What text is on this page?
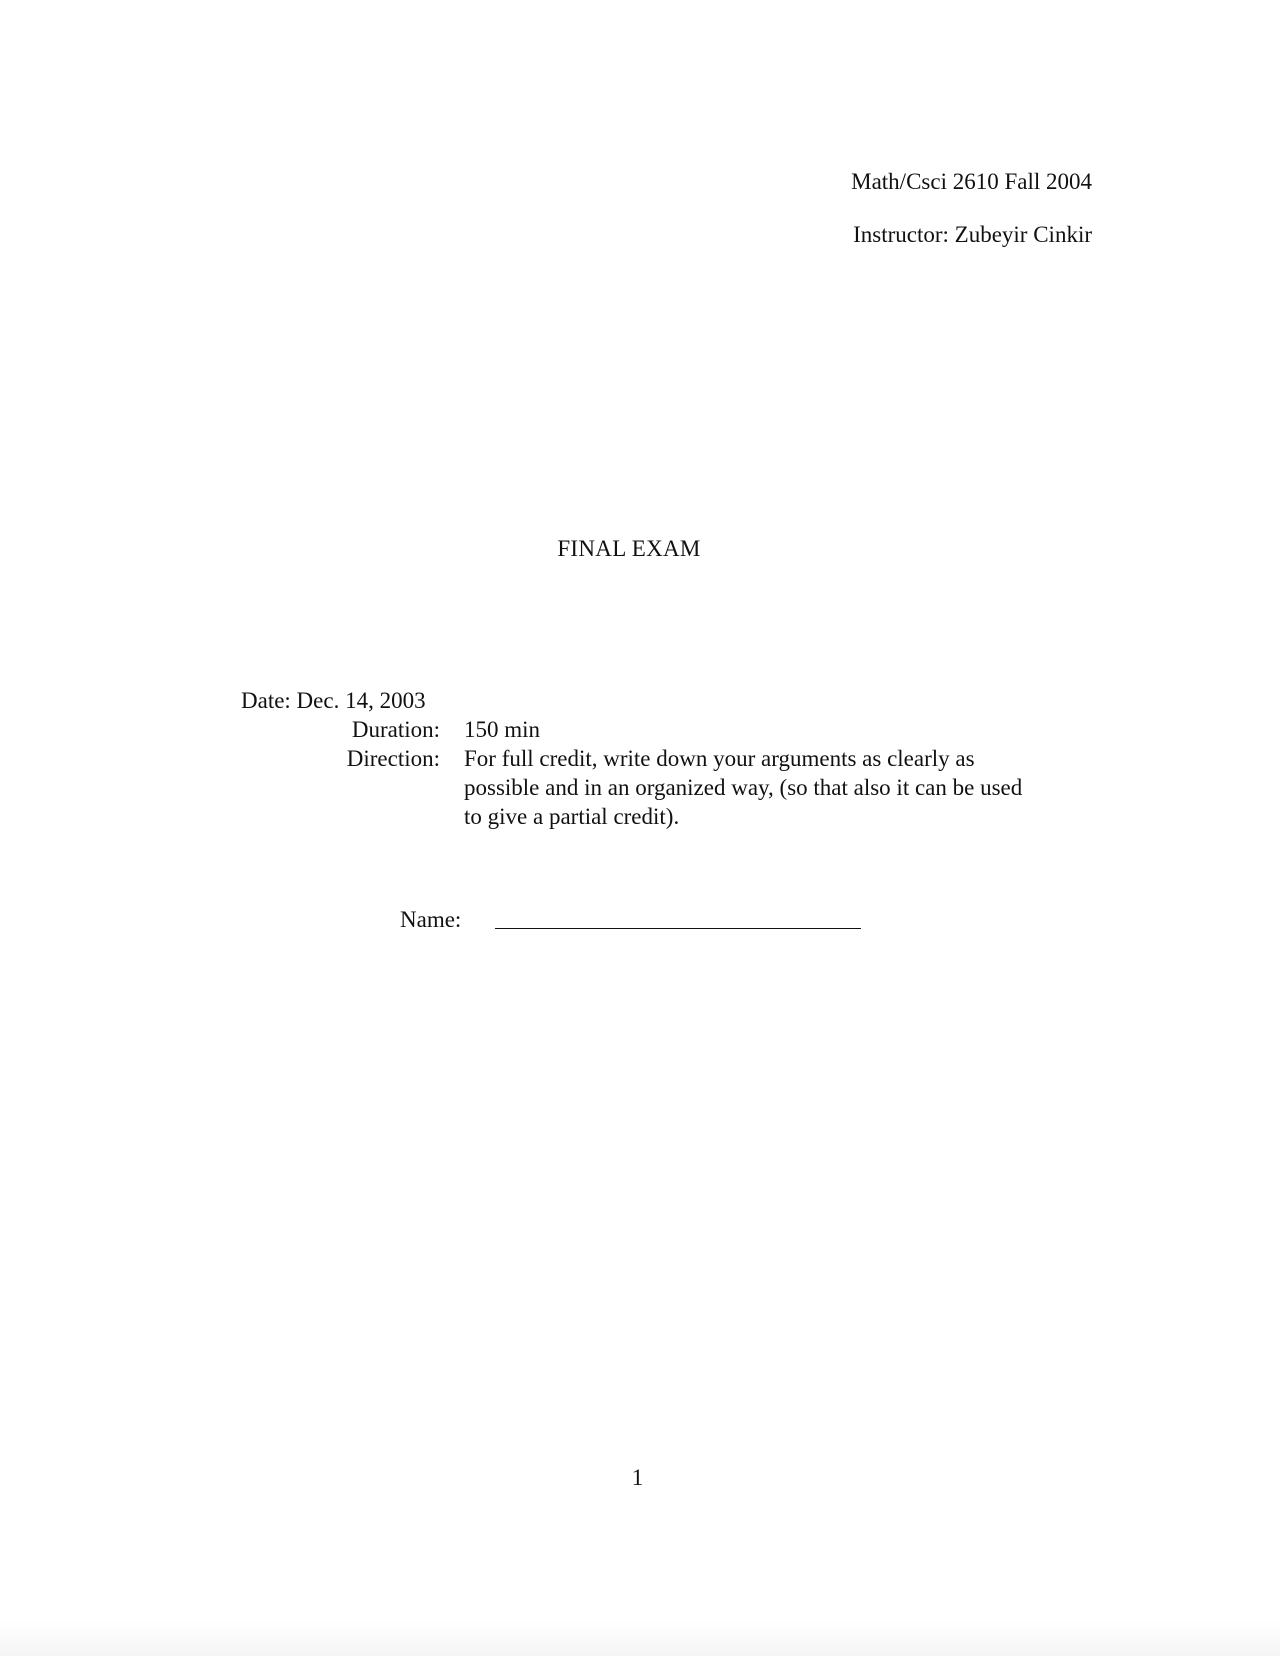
Math/Csci 2610 Fall 2004
Instructor: Zubeyir Cinkir
FINAL EXAM
Date: Dec. 14, 2003
Duration:	150 min
Direction:	For full credit, write down your arguments as clearly as possible and in an organized way, (so that also it can be used to give a partial credit).
Name:
1
